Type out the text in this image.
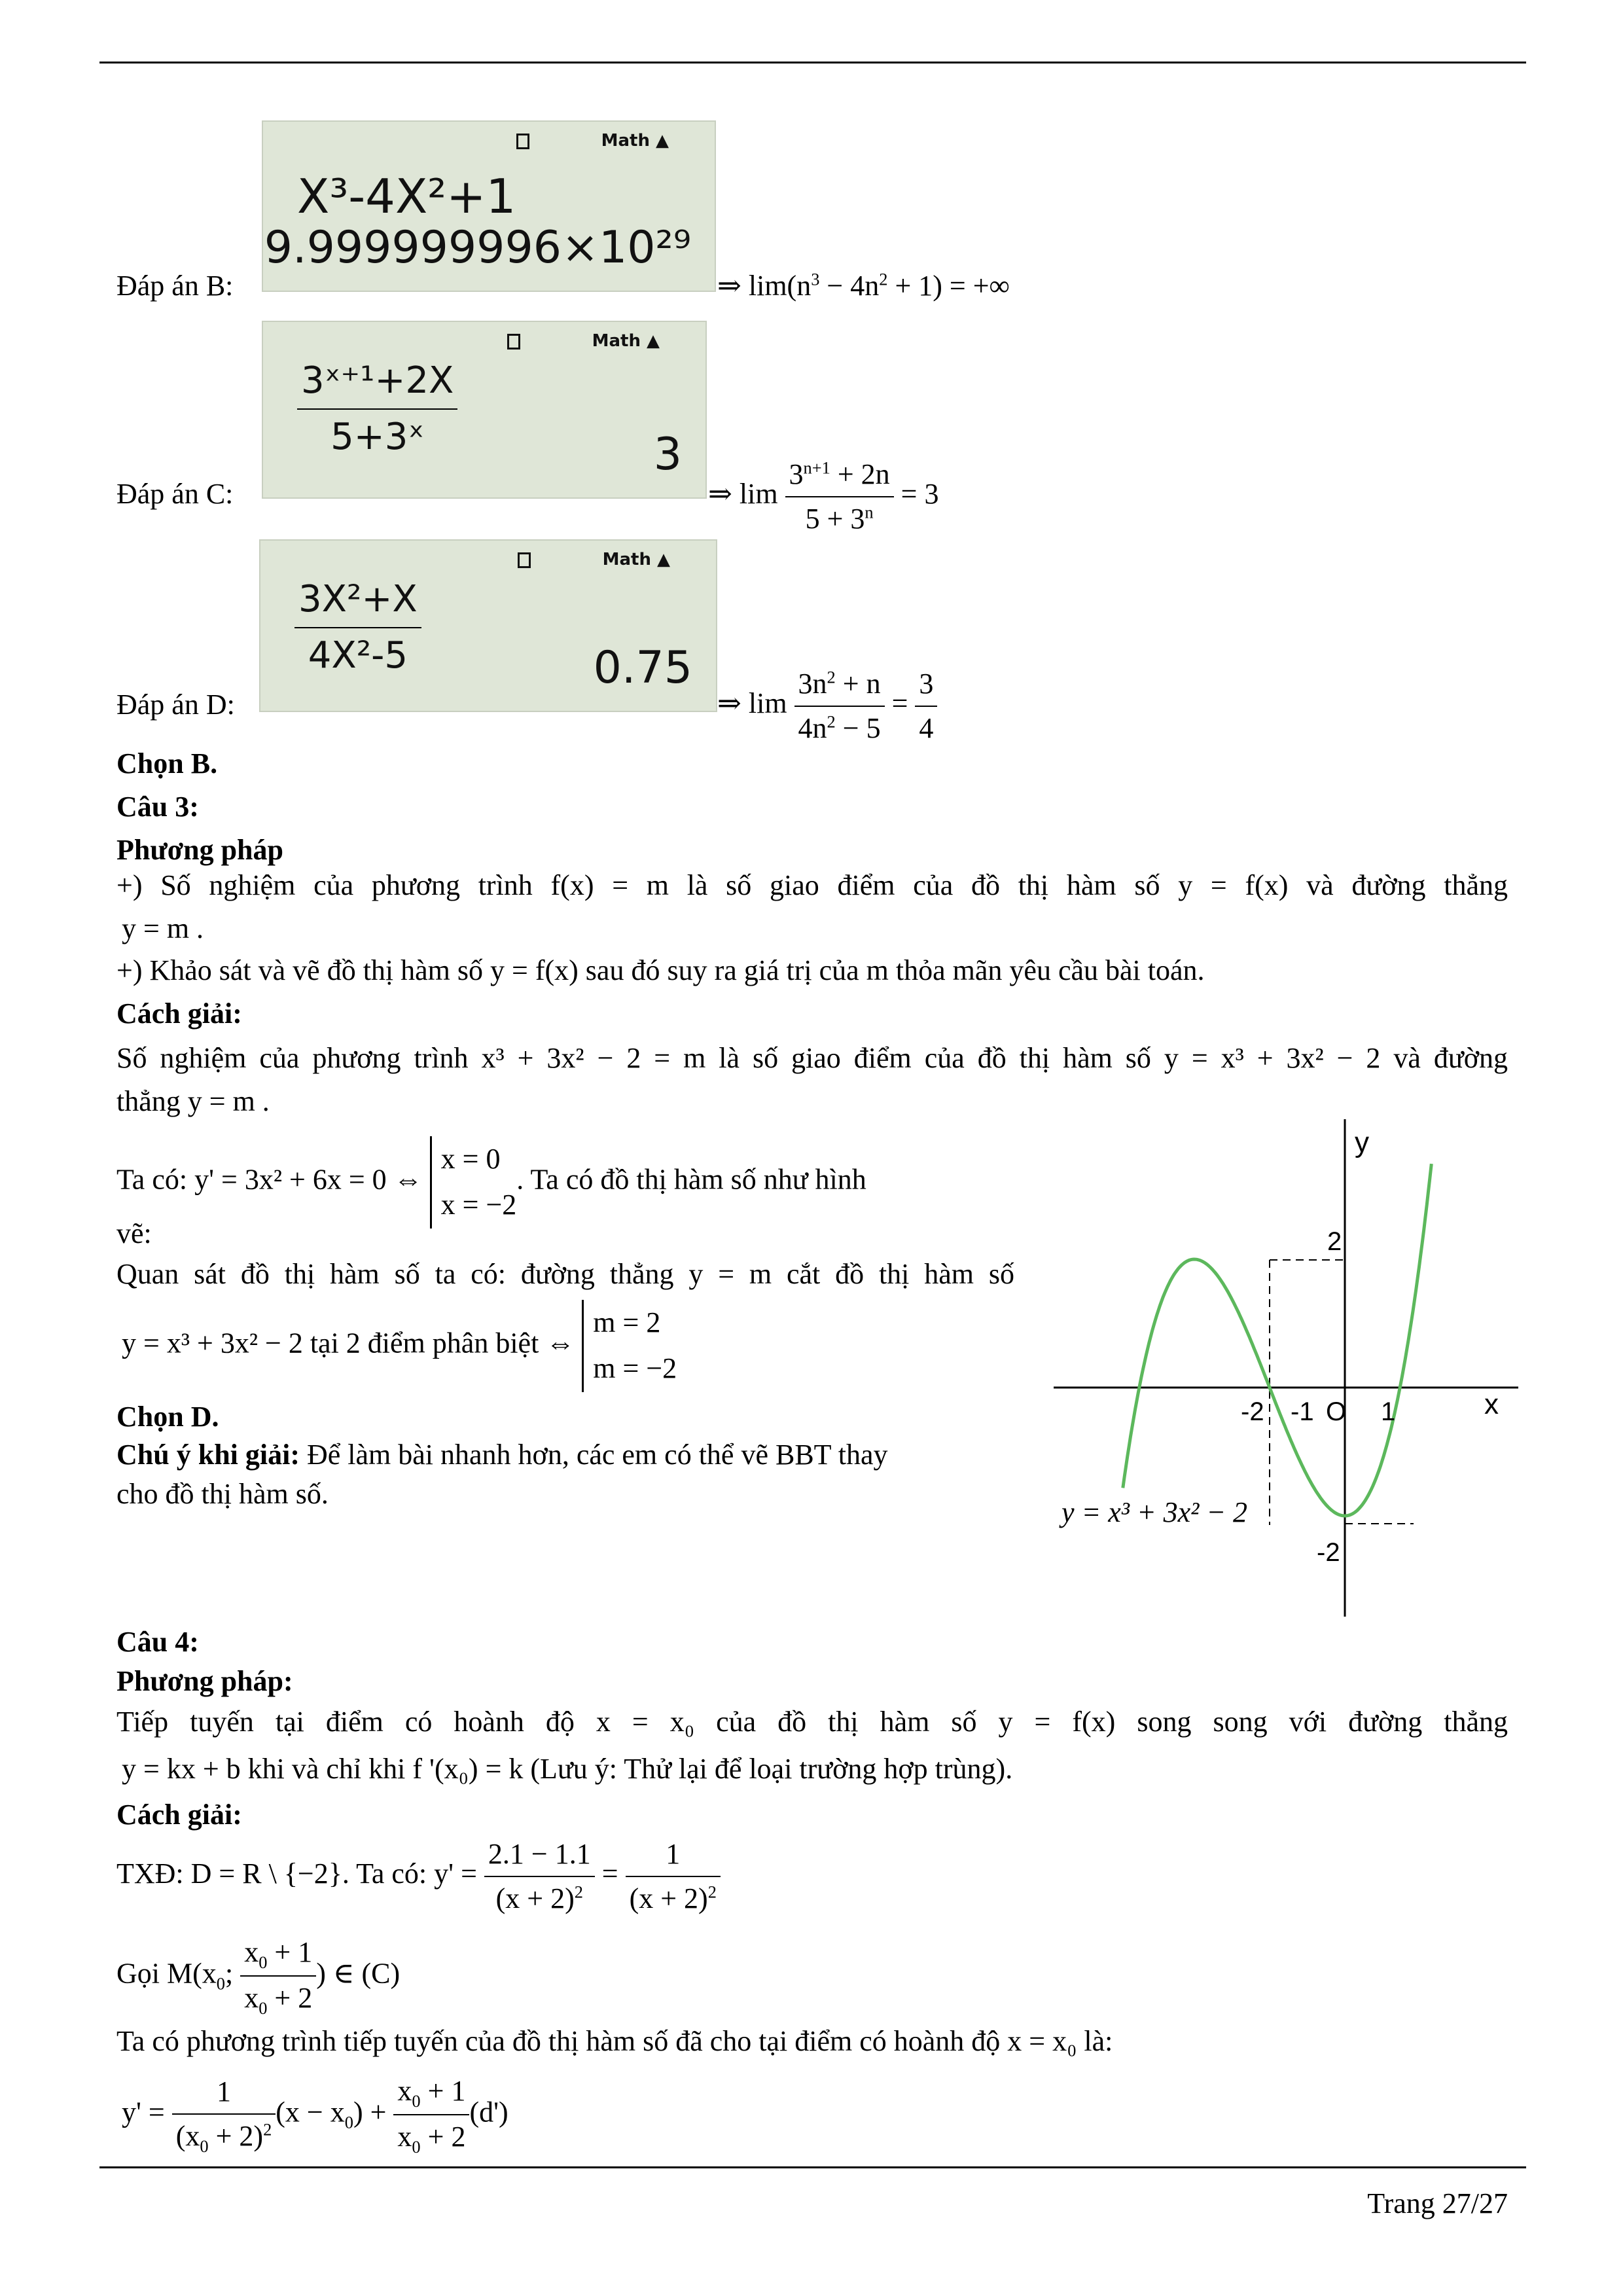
Math ▲
X³-4X²+1
9.999999996×10²⁹
Đáp án B:	⇒ $\lim(n^3 - 4n^2 + 1)$ = +∞
Math ▲
$\frac{\text{3ˣ⁺¹+2X}}{\text{5+3ˣ}}$	3
Đáp án C:	⇒ $\lim \frac{3^{n+1} + 2n}{5 + 3^n} = 3$
Math ▲
$\frac{\text{3X²+X}}{\text{4X²-5}}$	0.75
Đáp án D:	⇒ $\lim \frac{3n^2 + n}{4n^2 - 5} = \frac{3}{4}$
Chọn B.
Câu 3:
Phương pháp
+) Số nghiệm của phương trình f(x) = m là số giao điểm của đồ thị hàm số y = f(x) và đường thẳng
y = m .
+) Khảo sát và vẽ đồ thị hàm số y = f(x) sau đó suy ra giá trị của m thỏa mãn yêu cầu bài toán.
Cách giải:
Số nghiệm của phương trình x³ + 3x² − 2 = m là số giao điểm của đồ thị hàm số y = x³ + 3x² − 2 và đường
thẳng y = m .
Ta có: y' = 3x² + 6x = 0 ⇔ x = 0
x = −2. Ta có đồ thị hàm số như hình
vẽ:
Quan sát đồ thị hàm số ta có: đường thẳng y = m cắt đồ thị hàm số
y = x³ + 3x² − 2 tại 2 điểm phân biệt ⇔ m = 2
m = −2
Chọn D.
Chú ý khi giải: Để làm bài nhanh hơn, các em có thể vẽ BBT thay
cho đồ thị hàm số.
y
x
2
-2
-2 -1 O 1
y = x³ + 3x² − 2
Câu 4:
Phương pháp:
Tiếp tuyến tại điểm có hoành độ x = x₀ của đồ thị hàm số y = f(x) song song với đường thẳng
y = kx + b khi và chỉ khi f '(x₀) = k (Lưu ý: Thử lại để loại trường hợp trùng).
Cách giải:
TXĐ: D = R \ {−2}. Ta có: $y' = \frac{2.1 - 1.1}{(x + 2)^2} = \frac{1}{(x + 2)^2}$
Gọi $M(x_0$; $\frac{x_0 + 1}{x_0 + 2}$ ) ∈ (C)
Ta có phương trình tiếp tuyến của đồ thị hàm số đã cho tại điểm có hoành độ x = x₀ là:
$y' = \frac{1}{(x_0 + 2)^2} (x - x_0) + \frac{x_0 + 1}{x_0 + 2} (d')$
Trang 27/27
